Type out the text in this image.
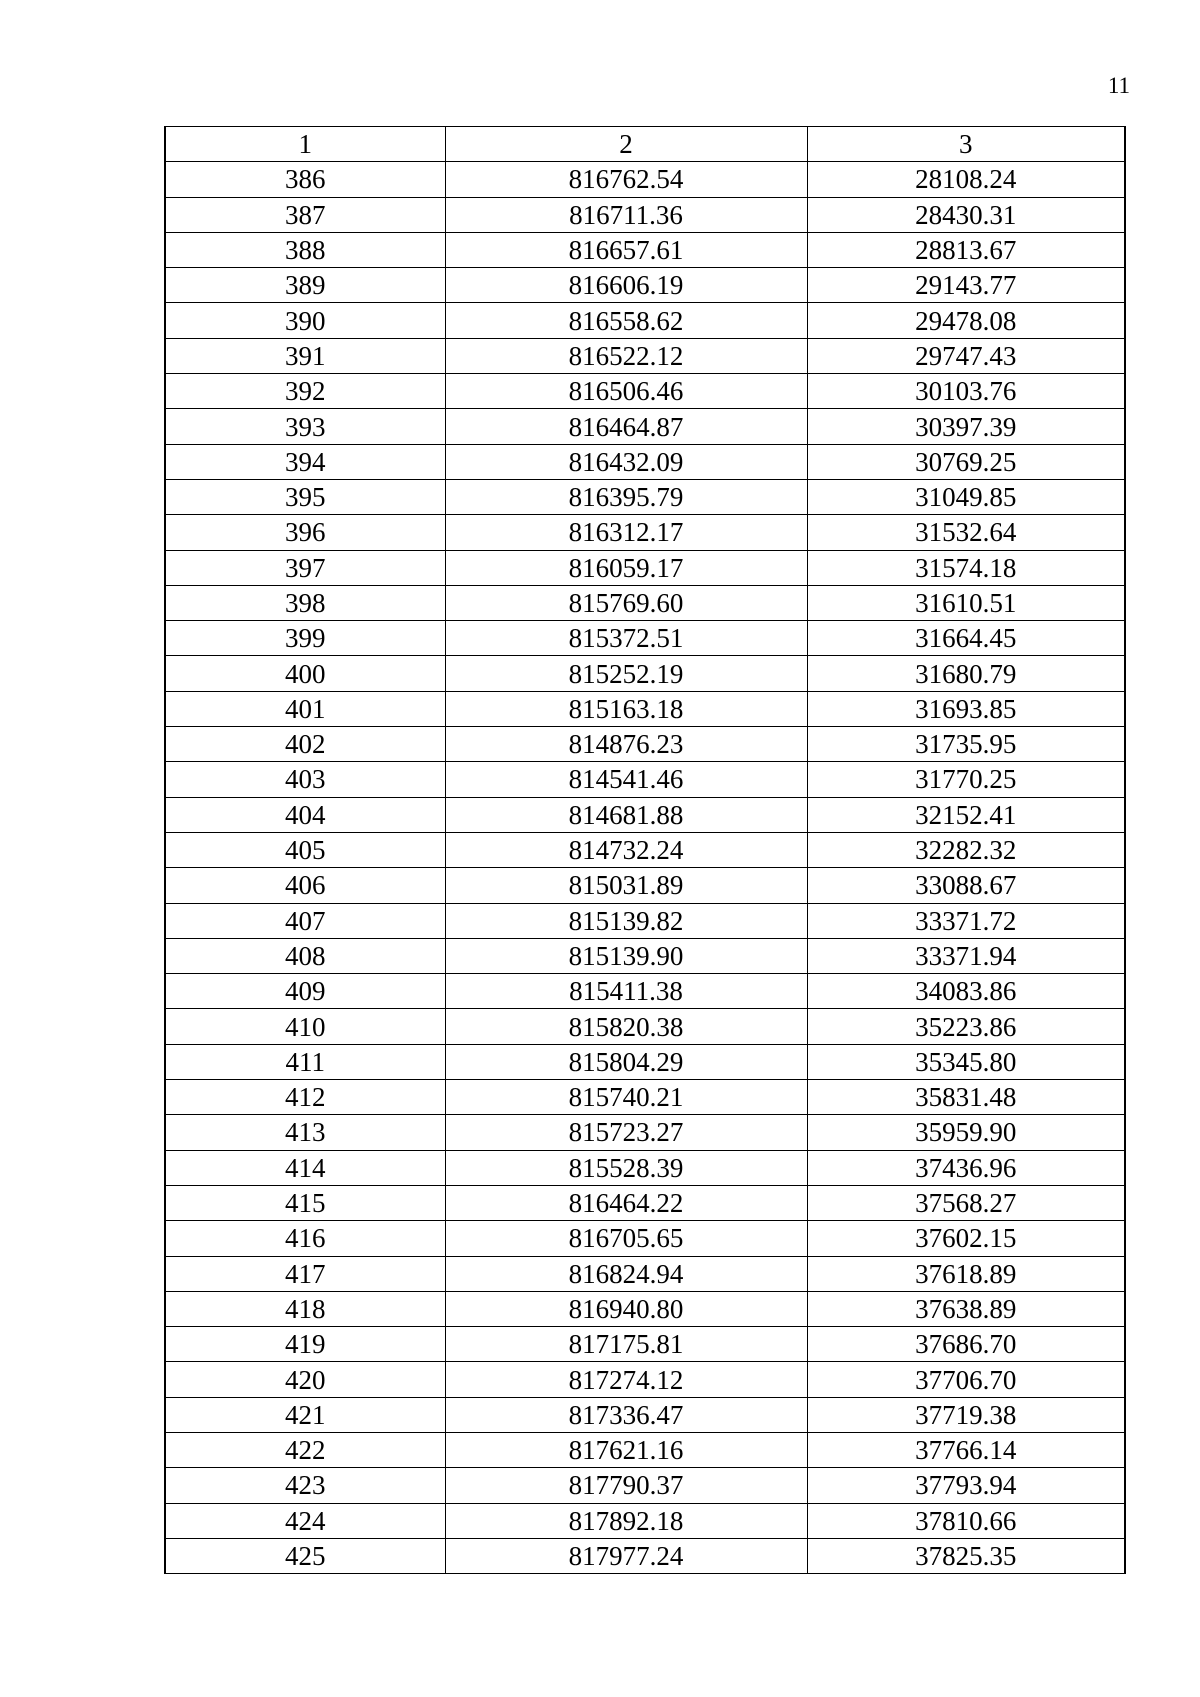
11
1	2	3
386	816762.54	28108.24
387	816711.36	28430.31
388	816657.61	28813.67
389	816606.19	29143.77
390	816558.62	29478.08
391	816522.12	29747.43
392	816506.46	30103.76
393	816464.87	30397.39
394	816432.09	30769.25
395	816395.79	31049.85
396	816312.17	31532.64
397	816059.17	31574.18
398	815769.60	31610.51
399	815372.51	31664.45
400	815252.19	31680.79
401	815163.18	31693.85
402	814876.23	31735.95
403	814541.46	31770.25
404	814681.88	32152.41
405	814732.24	32282.32
406	815031.89	33088.67
407	815139.82	33371.72
408	815139.90	33371.94
409	815411.38	34083.86
410	815820.38	35223.86
411	815804.29	35345.80
412	815740.21	35831.48
413	815723.27	35959.90
414	815528.39	37436.96
415	816464.22	37568.27
416	816705.65	37602.15
417	816824.94	37618.89
418	816940.80	37638.89
419	817175.81	37686.70
420	817274.12	37706.70
421	817336.47	37719.38
422	817621.16	37766.14
423	817790.37	37793.94
424	817892.18	37810.66
425	817977.24	37825.35
